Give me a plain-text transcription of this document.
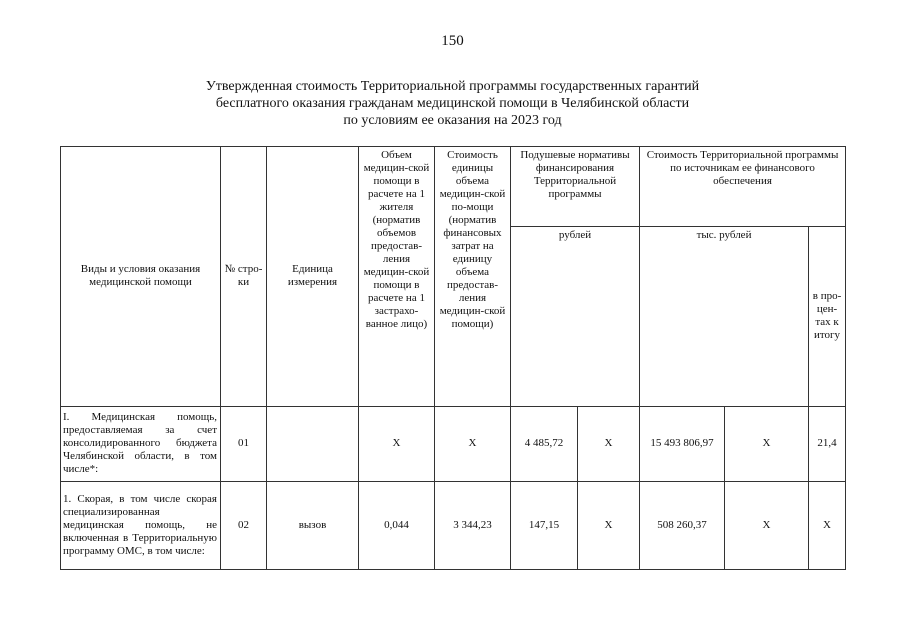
150
Утвержденная стоимость Территориальной программы государственных гарантий
бесплатного оказания гражданам медицинской помощи в Челябинской области
по условиям ее оказания на 2023 год
Виды и условия оказания медицинской помощи	№ стро-ки	Единица измерения	Объем медицин-ской помощи в расчете на 1 жителя (норматив объемов предостав-ления медицин-ской помощи в расчете на 1 застрахо-ванное лицо)	Стоимость единицы объема медицин-ской по-мощи (норматив финансовых затрат на единицу объема предостав-ления медицин-ской помощи)	Подушевые нормативы финансирования Территориальной программы		Стоимость Территориальной программы по источникам ее финансового обеспечения		
					рублей		тыс. рублей		в про-цен-тах к итогу
I. Медицинская помощь, предоставляемая за счет консолидированного бюджета Челябинской области, в том числе*:	01		X	X	4 485,72	X	15 493 806,97	X	21,4
1. Скорая, в том числе скорая специализированная медицинская помощь, не включенная в Территориальную программу ОМС, в том числе:	02	вызов	0,044	3 344,23	147,15	X	508 260,37	X	X
